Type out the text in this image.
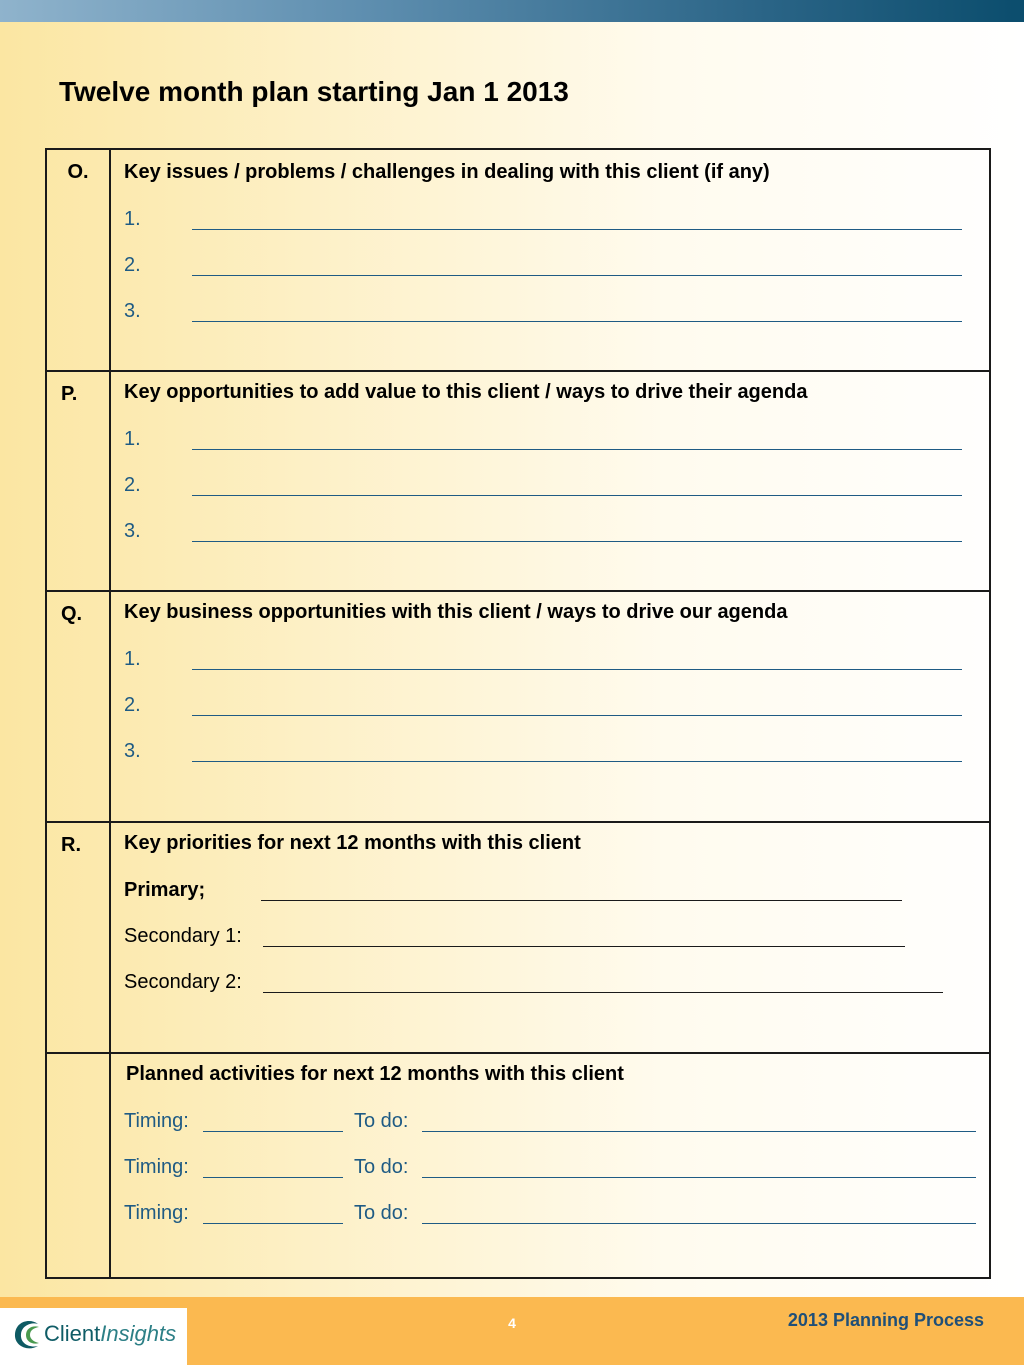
Twelve month plan starting Jan 1 2013
O.	Key issues / problems / challenges in dealing with this client (if any)
1.
2.
3.
P. Key opportunities to add value to this client / ways to drive their agenda
1.
2.
3.
Q. Key business opportunities with this client / ways to drive our agenda
1.
2.
3.
R. Key priorities for next 12 months with this client
Primary;
Secondary 1:
Secondary 2:
Planned activities for next 12 months with this client
Timing:	To do:
Timing:	To do:
Timing:	To do:
ClientInsights	4	2013 Planning Process
